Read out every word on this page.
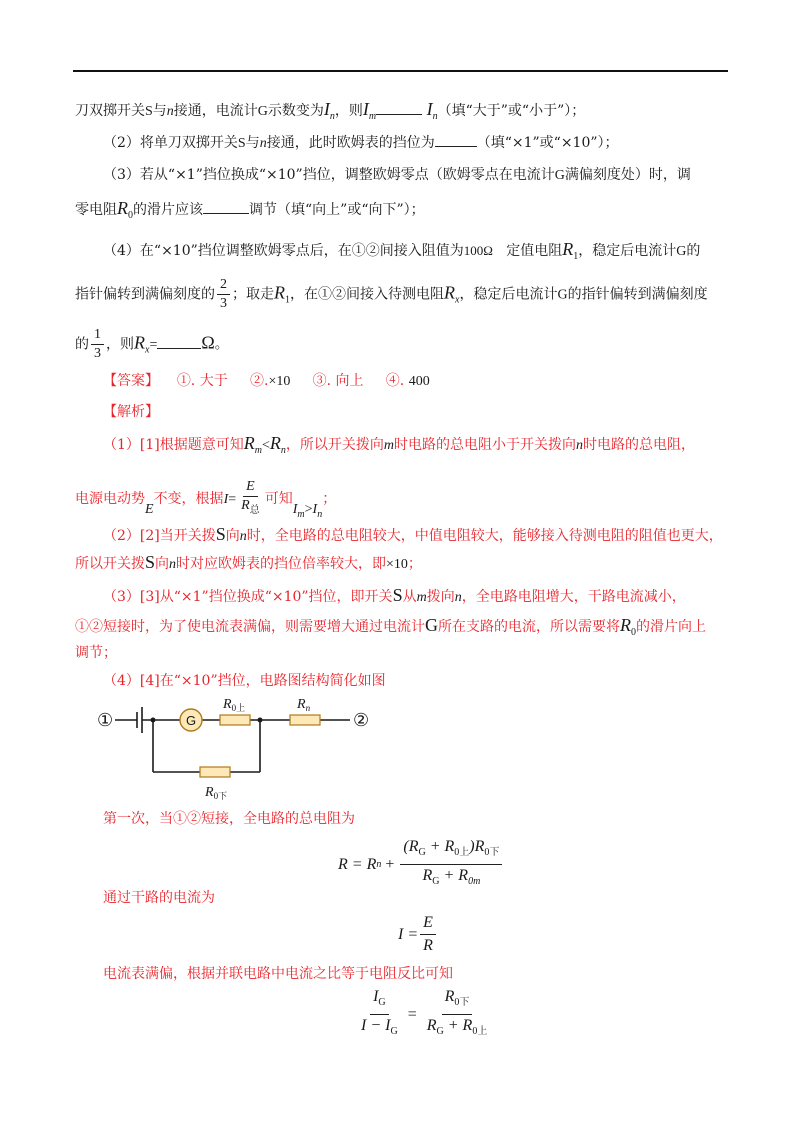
刀双掷开关S与n接通，电流计G示数变为$I_n$，则$I_m$	$I_n$（填“大于”或“小于”）；
（2）将单刀双掷开关S与n接通，此时欧姆表的挡位为	（填“×1”或“×10”）；
（3）若从“×1”挡位换成“×10”挡位，调整欧姆零点（欧姆零点在电流计G满偏刻度处）时，调
零电阻$R_0$的滑片应该	调节（填“向上”或“向下”）；
（4）在“×10”挡位调整欧姆零点后，在①②间接入阻值为100Ω 定值电阻$R_1$，稳定后电流计G的
指针偏转到满偏刻度的 $\frac{2}{3}$ ；取走$R_1$，在①②间接入待测电阻$R_x$，稳定后电流计G的指针偏转到满偏刻度
的 $\frac{1}{3}$ ，则$R_x= \Omega$。
【答案】 ①. 大于 ②.×10 ③. 向上 ④. 400
【解析】
（1）[1]根据题意可知$R_m<R_n$，所以开关拨向m时电路的总电阻小于开关拨向n时电路的总电阻，
电源电动势E不变，根据$I= \frac{E}{R_总}$ 可知$I_m>I_n$；
（2）[2]当开关拨S向n时，全电路的总电阻较大，中值电阻较大，能够接入待测电阻的阻值也更大，
所以开关拨S向n时对应欧姆表的挡位倍率较大，即×10；
（3）[3]从“×1”挡位换成“×10”挡位，即开关S从m拨向n，全电路电阻增大，干路电流减小，
①②短接时，为了使电流表满偏，则需要增大通过电流计G所在支路的电流，所以需要将$R_0$的滑片向上
调节；
（4）[4]在“×10”挡位，电路图结构简化如图
①	②
G
$R_{0上}$	$R_n$
$R_{0下}$
第一次，当①②短接，全电路的总电阻为
R = R $n + \frac{(R_G + R_{0上})R_{0下}}{R_G + R_{0m}}$
通过干路的电流为
$I = \frac{E}{R}$
电流表满偏，根据并联电路中电流之比等于电阻反比可知
$\frac{I_G}{I - I_G} = \frac{R_{0下}}{R_G + R_{0上}}$
